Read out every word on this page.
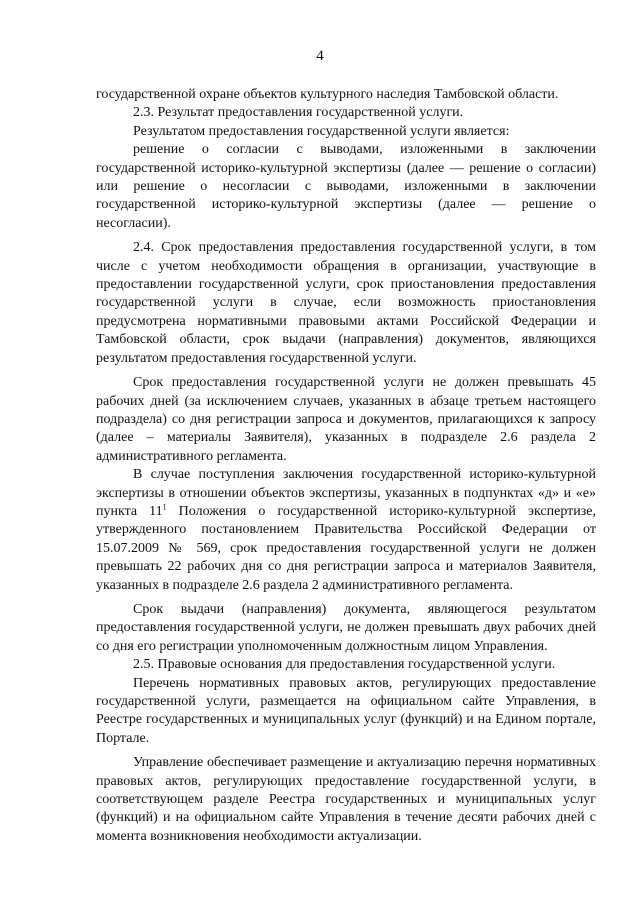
4

государственной охране объектов культурного наследия Тамбовской области.

2.3. Результат предоставления государственной услуги.

Результатом предоставления государственной услуги является:

решение о согласии с выводами, изложенными в заключении государственной историко-культурной экспертизы (далее — решение о согласии) или решение о несогласии с выводами, изложенными в заключении государственной историко-культурной экспертизы (далее — решение о несогласии).

2.4. Срок предоставления предоставления государственной услуги, в том числе с учетом необходимости обращения в организации, участвующие в предоставлении государственной услуги, срок приостановления предоставления государственной услуги в случае, если возможность приостановления предусмотрена нормативными правовыми актами Российской Федерации и Тамбовской области, срок выдачи (направления) документов, являющихся результатом предоставления государственной услуги.

Срок предоставления государственной услуги не должен превышать 45 рабочих дней (за исключением случаев, указанных в абзаце третьем настоящего подраздела) со дня регистрации запроса и документов, прилагающихся к запросу (далее – материалы Заявителя), указанных в подразделе 2.6 раздела 2 административного регламента.

В случае поступления заключения государственной историко-культурной экспертизы в отношении объектов экспертизы, указанных в подпунктах «д» и «е» пункта $11^1$ Положения о государственной историко-культурной экспертизе, утвержденного постановлением Правительства Российской Федерации от 15.07.2009 № 569, срок предоставления государственной услуги не должен превышать 22 рабочих дня со дня регистрации запроса и материалов Заявителя, указанных в подразделе 2.6 раздела 2 административного регламента.

Срок выдачи (направления) документа, являющегося результатом предоставления государственной услуги, не должен превышать двух рабочих дней со дня его регистрации уполномоченным должностным лицом Управления.

2.5. Правовые основания для предоставления государственной услуги.

Перечень нормативных правовых актов, регулирующих предоставление государственной услуги, размещается на официальном сайте Управления, в Реестре государственных и муниципальных услуг (функций) и на Едином портале, Портале.

Управление обеспечивает размещение и актуализацию перечня нормативных правовых актов, регулирующих предоставление государственной услуги, в соответствующем разделе Реестра государственных и муниципальных услуг (функций) и на официальном сайте Управления в течение десяти рабочих дней с момента возникновения необходимости актуализации.
